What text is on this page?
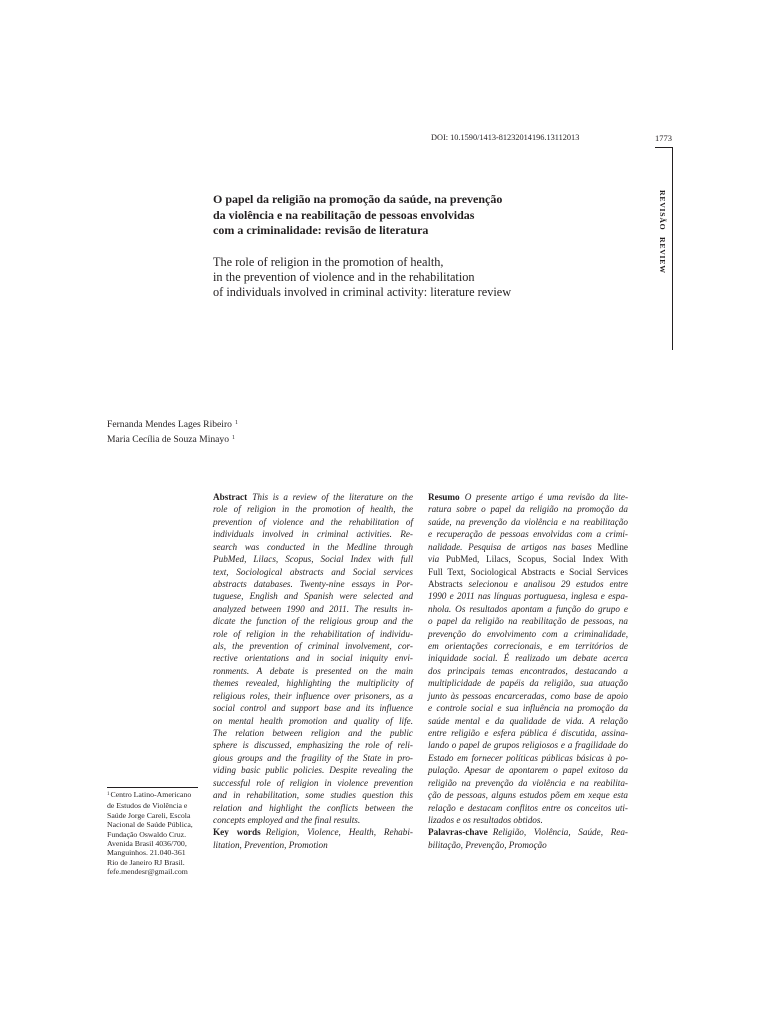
DOI: 10.1590/1413-81232014196.13112013	1773
REVISÃOREVIEW
O papel da religião na promoção da saúde, na prevenção
da violência e na reabilitação de pessoas envolvidas
com a criminalidade: revisão de literatura
The role of religion in the promotion of health,
in the prevention of violence and in the rehabilitation
of individuals involved in criminal activity: literature review
Fernanda Mendes Lages Ribeiro $^1$
Maria Cecília de Souza Minayo $^1$
Abstract This is a review of the literature on the
role of religion in the promotion of health, the
prevention of violence and the rehabilitation of
individuals involved in criminal activities. Re-
search was conducted in the Medline through
PubMed, Lilacs, Scopus, Social Index with full
text, Sociological abstracts and Social services
abstracts databases. Twenty-nine essays in Por-
tuguese, English and Spanish were selected and
analyzed between 1990 and 2011. The results in-
dicate the function of the religious group and the
role of religion in the rehabilitation of individu-
als, the prevention of criminal involvement, cor-
rective orientations and in social iniquity envi-
ronments. A debate is presented on the main
themes revealed, highlighting the multiplicity of
religious roles, their influence over prisoners, as a
social control and support base and its influence
on mental health promotion and quality of life.
The relation between religion and the public
sphere is discussed, emphasizing the role of reli-
gious groups and the fragility of the State in pro-
viding basic public policies. Despite revealing the
successful role of religion in violence prevention
and in rehabilitation, some studies question this
relation and highlight the conflicts between the
concepts employed and the final results.
Key words Religion, Violence, Health, Rehabi-
litation, Prevention, Promotion
Resumo O presente artigo é uma revisão da lite-
ratura sobre o papel da religião na promoção da
saúde, na prevenção da violência e na reabilitação
e recuperação de pessoas envolvidas com a crimi-
nalidade. Pesquisa de artigos nas bases Medline
via PubMed, Lilacs, Scopus, Social Index With
Full Text, Sociological Abstracts e Social Services
Abstracts selecionou e analisou 29 estudos entre
1990 e 2011 nas línguas portuguesa, inglesa e espa-
nhola. Os resultados apontam a função do grupo e
o papel da religião na reabilitação de pessoas, na
prevenção do envolvimento com a criminalidade,
em orientações correcionais, e em territórios de
iniquidade social. É realizado um debate acerca
dos principais temas encontrados, destacando a
multiplicidade de papéis da religião, sua atuação
junto às pessoas encarceradas, como base de apoio
e controle social e sua influência na promoção da
saúde mental e da qualidade de vida. A relação
entre religião e esfera pública é discutida, assina-
lando o papel de grupos religiosos e a fragilidade do
Estado em fornecer políticas públicas básicas à po-
pulação. Apesar de apontarem o papel exitoso da
religião na prevenção da violência e na reabilita-
ção de pessoas, alguns estudos põem em xeque esta
relação e destacam conflitos entre os conceitos uti-
lizados e os resultados obtidos.
Palavras-chave Religião, Violência, Saúde, Rea-
bilitação, Prevenção, Promoção
$^1$Centro Latino-Americano
de Estudos de Violência e
Saúde Jorge Careli, Escola
Nacional de Saúde Pública,
Fundação Oswaldo Cruz.
Avenida Brasil 4036/700,
Manguinhos. 21.040-361
Rio de Janeiro RJ Brasil.
fefe.mendesr@gmail.com
